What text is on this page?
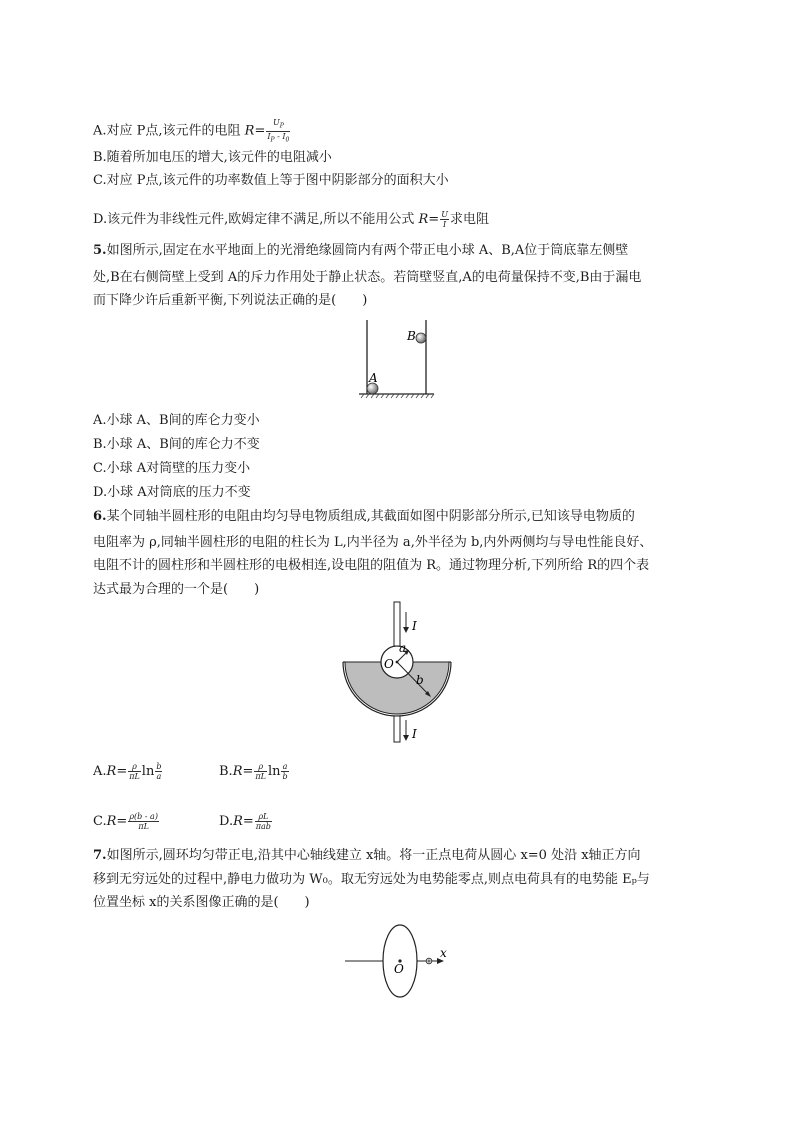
A.对应 P点,该元件的电阻 $R= \frac{U_P}{I_P - I_0}$
B.随着所加电压的增大,该元件的电阻减小
C.对应 P点,该元件的功率数值上等于图中阴影部分的面积大小
D.该元件为非线性元件,欧姆定律不满足,所以不能用公式 $R= \frac{U}{I}$ 求电阻
5.如图所示,固定在水平地面上的光滑绝缘圆筒内有两个带正电小球 A、B,A位于筒底靠左侧壁
处,B在右侧筒壁上受到 A的斥力作用处于静止状态。若筒壁竖直,A的电荷量保持不变,B由于漏电
而下降少许后重新平衡,下列说法正确的是(　　)
A
B
A.小球 A、B间的库仑力变小
B.小球 A、B间的库仑力不变
C.小球 A对筒壁的压力变小
D.小球 A对筒底的压力不变
6.某个同轴半圆柱形的电阻由均匀导电物质组成,其截面如图中阴影部分所示,已知该导电物质的
电阻率为 ρ,同轴半圆柱形的电阻的柱长为 L,内半径为 a,外半径为 b,内外两侧均与导电性能良好、
电阻不计的圆柱形和半圆柱形的电极相连,设电阻的阻值为 R。通过物理分析,下列所给 R的四个表
达式最为合理的一个是(　　)
I
I
O
a
b
$A.R= \frac{\rho}{\pi L}$ $\ln \frac{b}{a}$	$B.R= \frac{\rho}{\pi L}$ $\ln \frac{a}{b}$
$C.R= \frac{\rho(b - a)}{\pi L}$	$D.R= \frac{\rho L}{\text{πab}}$
7.如图所示,圆环均匀带正电,沿其中心轴线建立 x轴。将一正点电荷从圆心 x=0 处沿 x轴正方向
移到无穷远处的过程中,静电力做功为 W₀。取无穷远处为电势能零点,则点电荷具有的电势能 Eₚ与
位置坐标 x的关系图像正确的是(　　)
O
x
